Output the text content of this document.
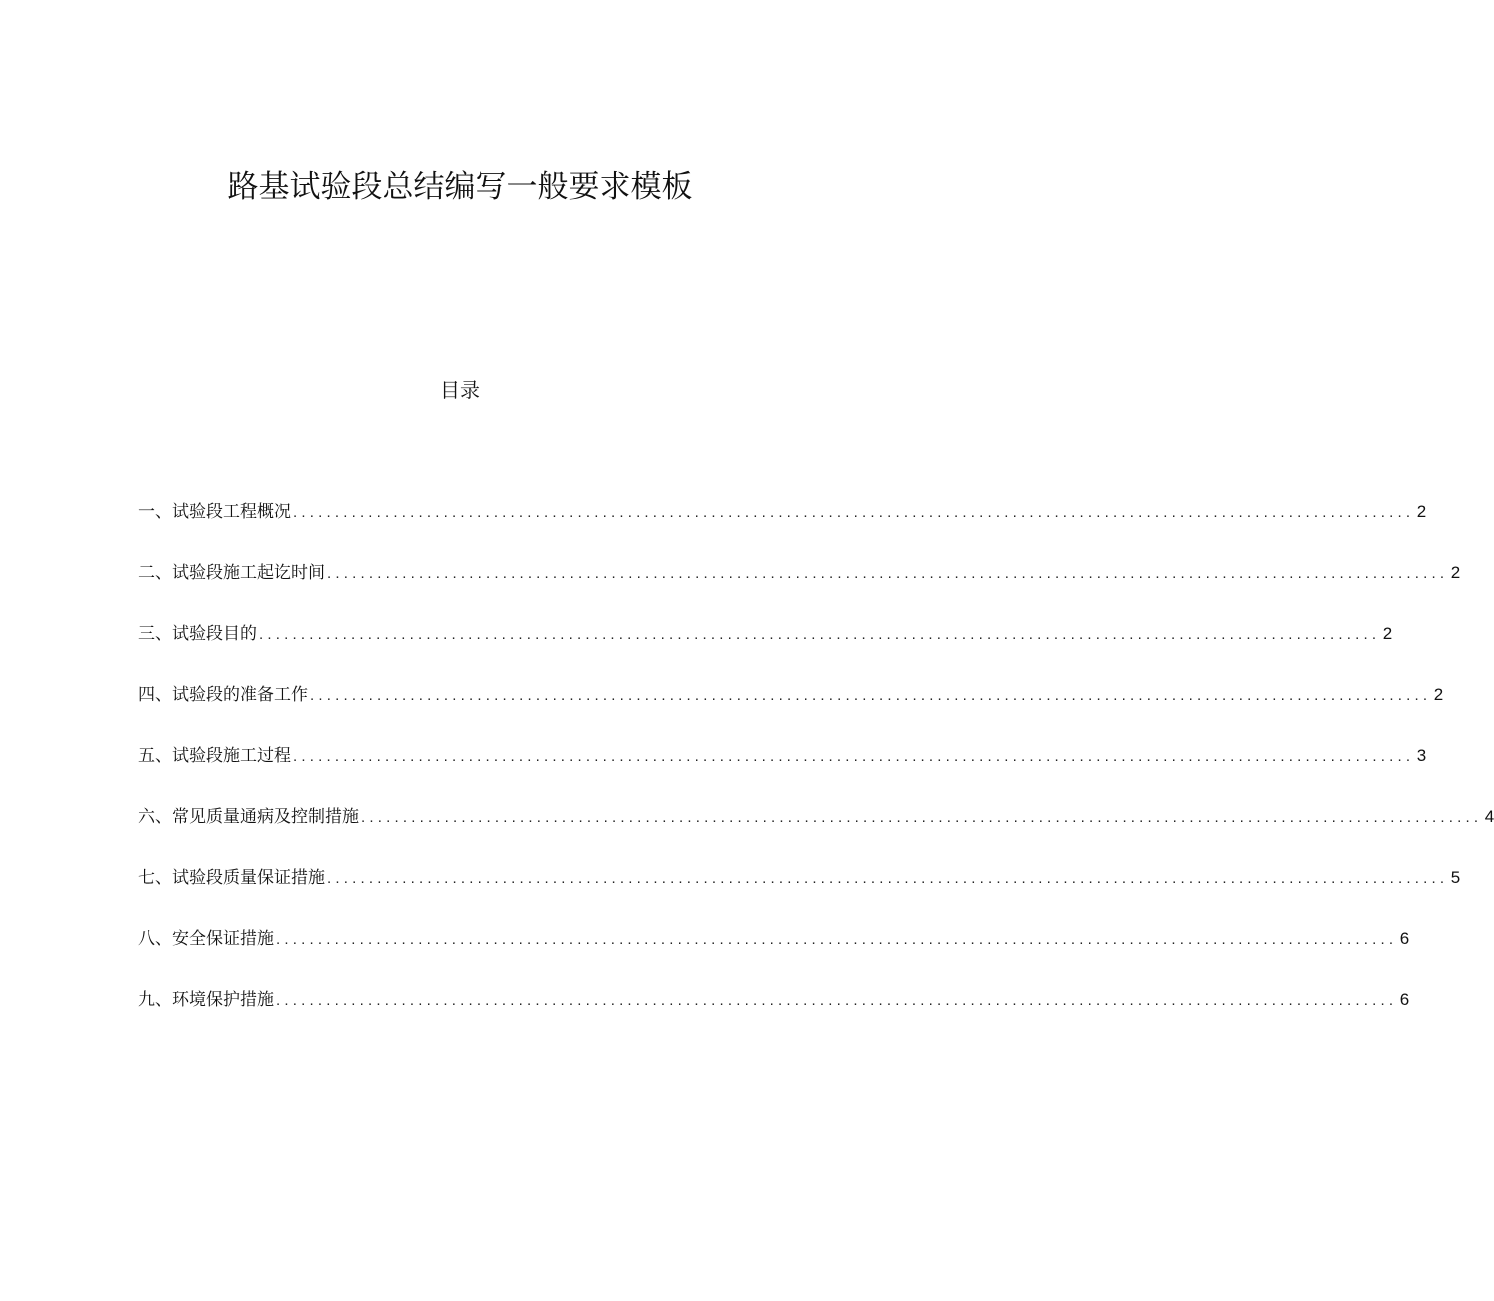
路基试验段总结编写一般要求模板
目录
一、试验段工程概况 ...................................................................................................................................... 2
二、试验段施工起讫时间 ...................................................................................................................................... 2
三、试验段目的 ...................................................................................................................................... 2
四、试验段的准备工作 ...................................................................................................................................... 2
五、试验段施工过程 ...................................................................................................................................... 3
六、常见质量通病及控制措施 ...................................................................................................................................... 4
七、试验段质量保证措施 ...................................................................................................................................... 5
八、安全保证措施 ...................................................................................................................................... 6
九、环境保护措施 ...................................................................................................................................... 6
